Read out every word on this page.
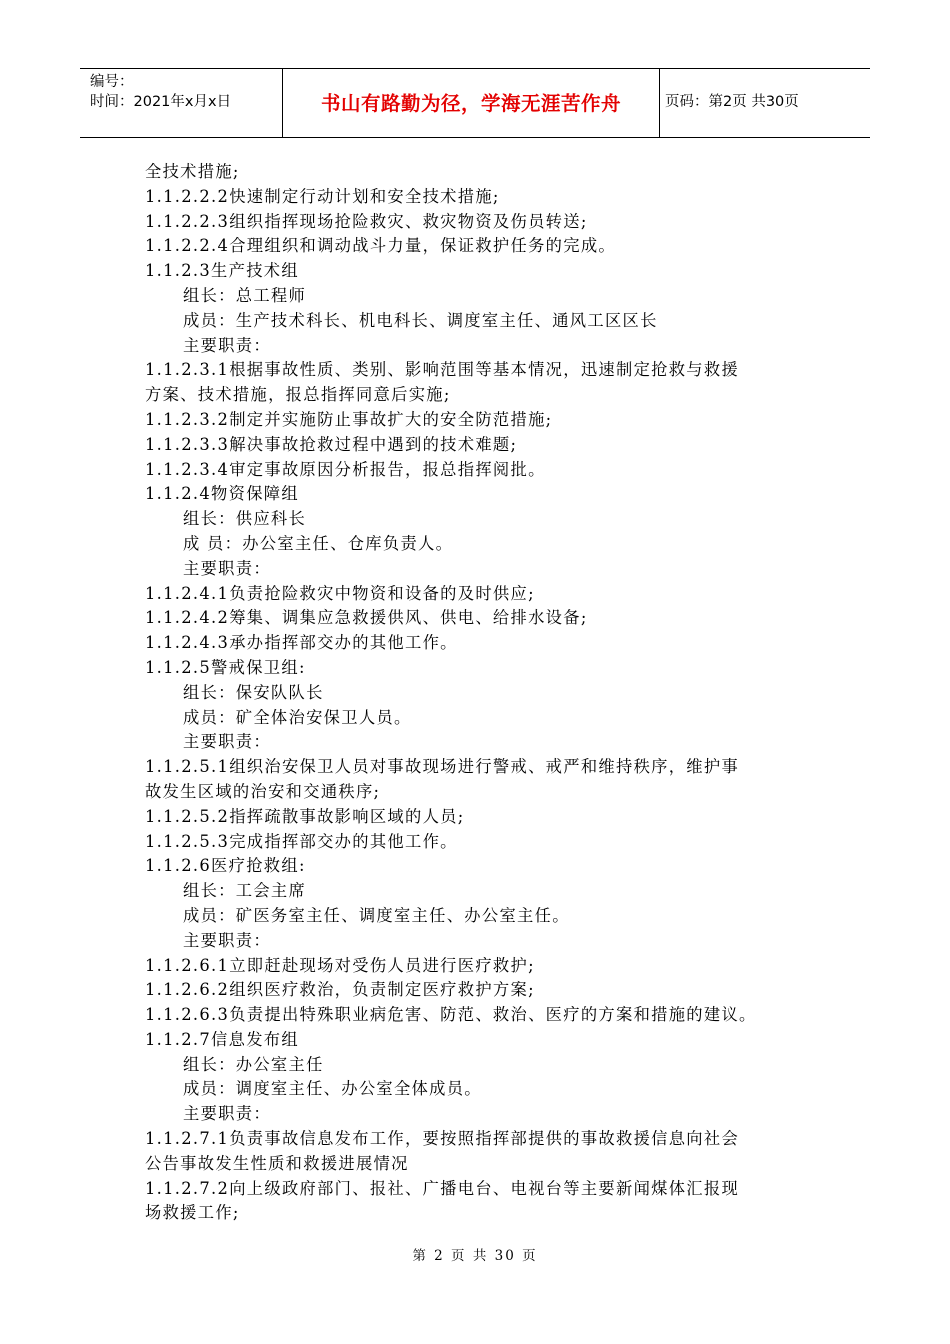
编号：
时间：2021年x月x日	书山有路勤为径，学海无涯苦作舟	页码：第2页 共30页
全技术措施;
1.1.2.2.2快速制定行动计划和安全技术措施;
1.1.2.2.3组织指挥现场抢险救灾、救灾物资及伤员转送;
1.1.2.2.4合理组织和调动战斗力量，保证救护任务的完成。
1.1.2.3生产技术组
组长：总工程师
成员：生产技术科长、机电科长、调度室主任、通风工区区长
主要职责：
1.1.2.3.1根据事故性质、类别、影响范围等基本情况，迅速制定抢救与救援
方案、技术措施，报总指挥同意后实施;
1.1.2.3.2制定并实施防止事故扩大的安全防范措施;
1.1.2.3.3解决事故抢救过程中遇到的技术难题;
1.1.2.3.4审定事故原因分析报告，报总指挥阅批。
1.1.2.4物资保障组
组长：供应科长
成 员：办公室主任、仓库负责人。
主要职责：
1.1.2.4.1负责抢险救灾中物资和设备的及时供应;
1.1.2.4.2筹集、调集应急救援供风、供电、给排水设备;
1.1.2.4.3承办指挥部交办的其他工作。
1.1.2.5警戒保卫组:
组长：保安队队长
成员：矿全体治安保卫人员。
主要职责：
1.1.2.5.1组织治安保卫人员对事故现场进行警戒、戒严和维持秩序，维护事
故发生区域的治安和交通秩序;
1.1.2.5.2指挥疏散事故影响区域的人员;
1.1.2.5.3完成指挥部交办的其他工作。
1.1.2.6医疗抢救组:
组长：工会主席
成员：矿医务室主任、调度室主任、办公室主任。
主要职责：
1.1.2.6.1立即赶赴现场对受伤人员进行医疗救护;
1.1.2.6.2组织医疗救治，负责制定医疗救护方案;
1.1.2.6.3负责提出特殊职业病危害、防范、救治、医疗的方案和措施的建议。
1.1.2.7信息发布组
组长：办公室主任
成员：调度室主任、办公室全体成员。
主要职责：
1.1.2.7.1负责事故信息发布工作，要按照指挥部提供的事故救援信息向社会
公告事故发生性质和救援进展情况
1.1.2.7.2向上级政府部门、报社、广播电台、电视台等主要新闻煤体汇报现
场救援工作;
第 2 页 共 30 页
